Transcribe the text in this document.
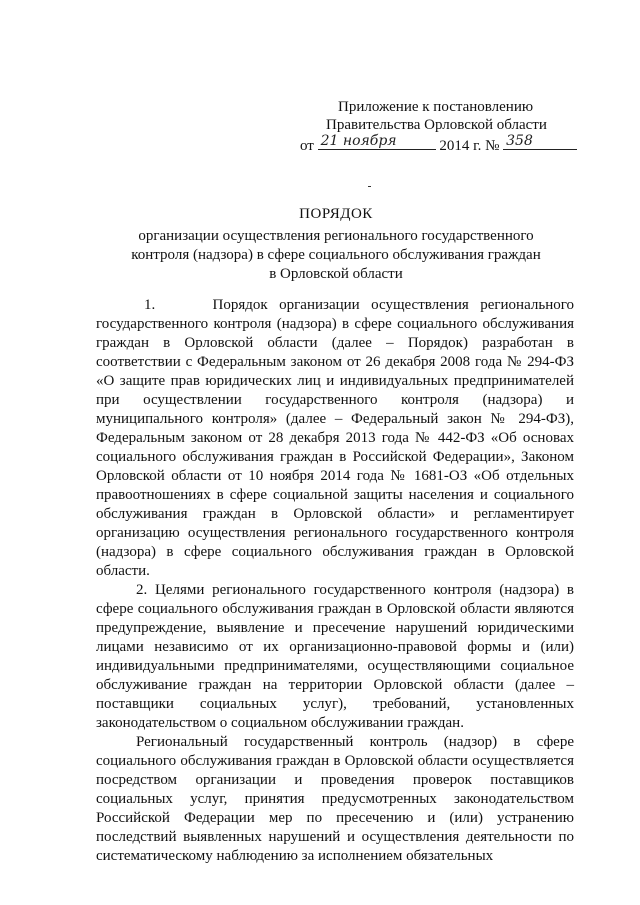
Приложение к постановлению
Правительства Орловской области
от 21 ноября	2014 г. № 358
ПОРЯДОК
организации осуществления регионального государственного
контроля (надзора) в сфере социального обслуживания граждан
в Орловской области

1.     Порядок организации осуществления регионального государственного контроля (надзора) в сфере социального обслуживания граждан в Орловской области (далее – Порядок) разработан в соответствии с Федеральным законом от 26 декабря 2008 года № 294-ФЗ «О защите прав юридических лиц и индивидуальных предпринимателей при осуществлении государственного контроля (надзора) и муниципального контроля» (далее – Федеральный закон № 294-ФЗ), Федеральным законом от 28 декабря 2013 года № 442-ФЗ «Об основах социального обслуживания граждан в Российской Федерации», Законом Орловской области от 10 ноября 2014 года № 1681-ОЗ «Об отдельных правоотношениях в сфере социальной защиты населения и социального обслуживания граждан в Орловской области» и регламентирует организацию осуществления регионального государственного контроля (надзора) в сфере социального обслуживания граждан в Орловской области.

2. Целями регионального государственного контроля (надзора) в сфере социального обслуживания граждан в Орловской области являются предупреждение, выявление и пресечение нарушений юридическими лицами независимо от их организационно-правовой формы и (или) индивидуальными предпринимателями, осуществляющими социальное обслуживание граждан на территории Орловской области (далее – поставщики социальных услуг), требований, установленных законодательством о социальном обслуживании граждан.

Региональный государственный контроль (надзор) в сфере социального обслуживания граждан в Орловской области осуществляется посредством организации и проведения проверок поставщиков социальных услуг, принятия предусмотренных законодательством Российской Федерации мер по пресечению и (или) устранению последствий выявленных нарушений и осуществления деятельности по систематическому наблюдению за исполнением обязательных
